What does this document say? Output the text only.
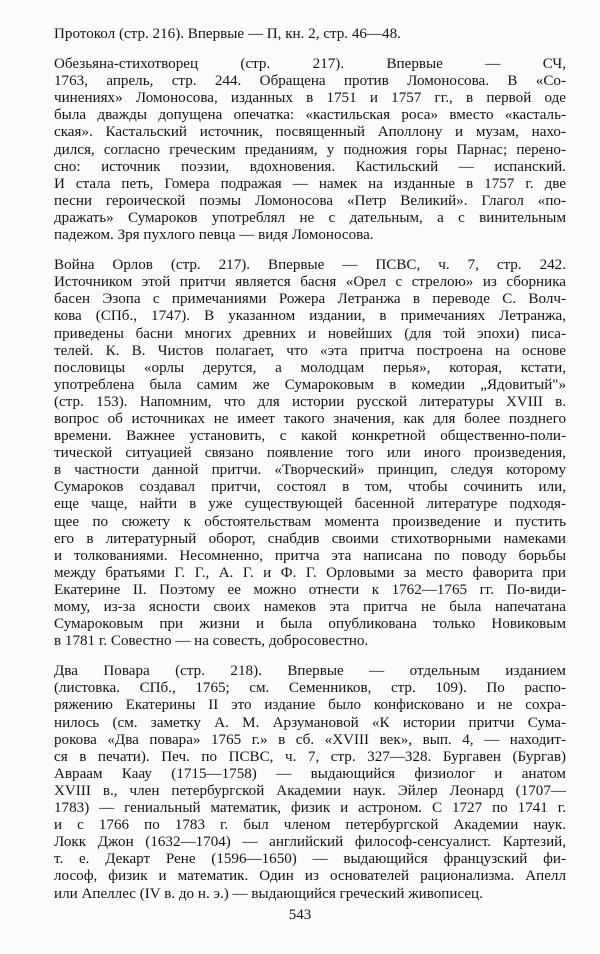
Протокол (стр. 216). Впервые — П, кн. 2, стр. 46—48.
Обезьяна-стихотворец (стр. 217). Впервые — СЧ,
1763, апрель, стр. 244. Обращена против Ломоносова. В «Со-
чинениях» Ломоносова, изданных в 1751 и 1757 гг., в первой оде
была дважды допущена опечатка: «кастильская роса» вместо «касталь-
ская». Кастальский источник, посвященный Аполлону и музам, нахо-
дился, согласно греческим преданиям, у подножия горы Парнас; перено-
сно: источник поэзии, вдохновения. Кастильский — испанский.
И стала петь, Гомера подражая — намек на изданные в 1757 г. две
песни героической поэмы Ломоносова «Петр Великий». Глагол «по-
дражать» Сумароков употреблял не с дательным, а с винительным
падежом. Зря пухлого певца — видя Ломоносова.
Война Орлов (стр. 217). Впервые — ПСВС, ч. 7, стр. 242.
Источником этой притчи является басня «Орел с стрелою» из сборника
басен Эзопа с примечаниями Рожера Летранжа в переводе С. Волч-
кова (СПб., 1747). В указанном издании, в примечаниях Летранжа,
приведены басни многих древних и новейших (для той эпохи) писа-
телей. К. В. Чистов полагает, что «эта притча построена на основе
пословицы «орлы дерутся, а молодцам перья», которая, кстати,
употреблена была самим же Сумароковым в комедии „Ядовитый"»
(стр. 153). Напомним, что для истории русской литературы XVIII в.
вопрос об источниках не имеет такого значения, как для более позднего
времени. Важнее установить, с какой конкретной общественно-поли-
тической ситуацией связано появление того или иного произведения,
в частности данной притчи. «Творческий» принцип, следуя которому
Сумароков создавал притчи, состоял в том, чтобы сочинить или,
еще чаще, найти в уже существующей басенной литературе подходя-
щее по сюжету к обстоятельствам момента произведение и пустить
его в литературный оборот, снабдив своими стихотворными намеками
и толкованиями. Несомненно, притча эта написана по поводу борьбы
между братьями Г. Г., А. Г. и Ф. Г. Орловыми за место фаворита при
Екатерине II. Поэтому ее можно отнести к 1762—1765 гг. По-види-
мому, из-за ясности своих намеков эта притча не была напечатана
Сумароковым при жизни и была опубликована только Новиковым
в 1781 г. Совестно — на совесть, добросовестно.
Два Повара (стр. 218). Впервые — отдельным изданием
(листовка. СПб., 1765; см. Семенников, стр. 109). По распо-
ряжению Екатерины II это издание было конфисковано и не сохра-
нилось (см. заметку А. М. Арзумановой «К истории притчи Сума-
рокова «Два повара» 1765 г.» в сб. «XVIII век», вып. 4, — находит-
ся в печати). Печ. по ПСВС, ч. 7, стр. 327—328. Бургавен (Бургав)
Авраам Каау (1715—1758) — выдающийся физиолог и анатом
XVIII в., член петербургской Академии наук. Эйлер Леонард (1707—
1783) — гениальный математик, физик и астроном. С 1727 по 1741 г.
и с 1766 по 1783 г. был членом петербургской Академии наук.
Локк Джон (1632—1704) — английский философ-сенсуалист. Картезий,
т. е. Декарт Рене (1596—1650) — выдающийся французский фи-
лософ, физик и математик. Один из основателей рационализма. Апелл
или Апеллес (IV в. до н. э.) — выдающийся греческий живописец.
543
